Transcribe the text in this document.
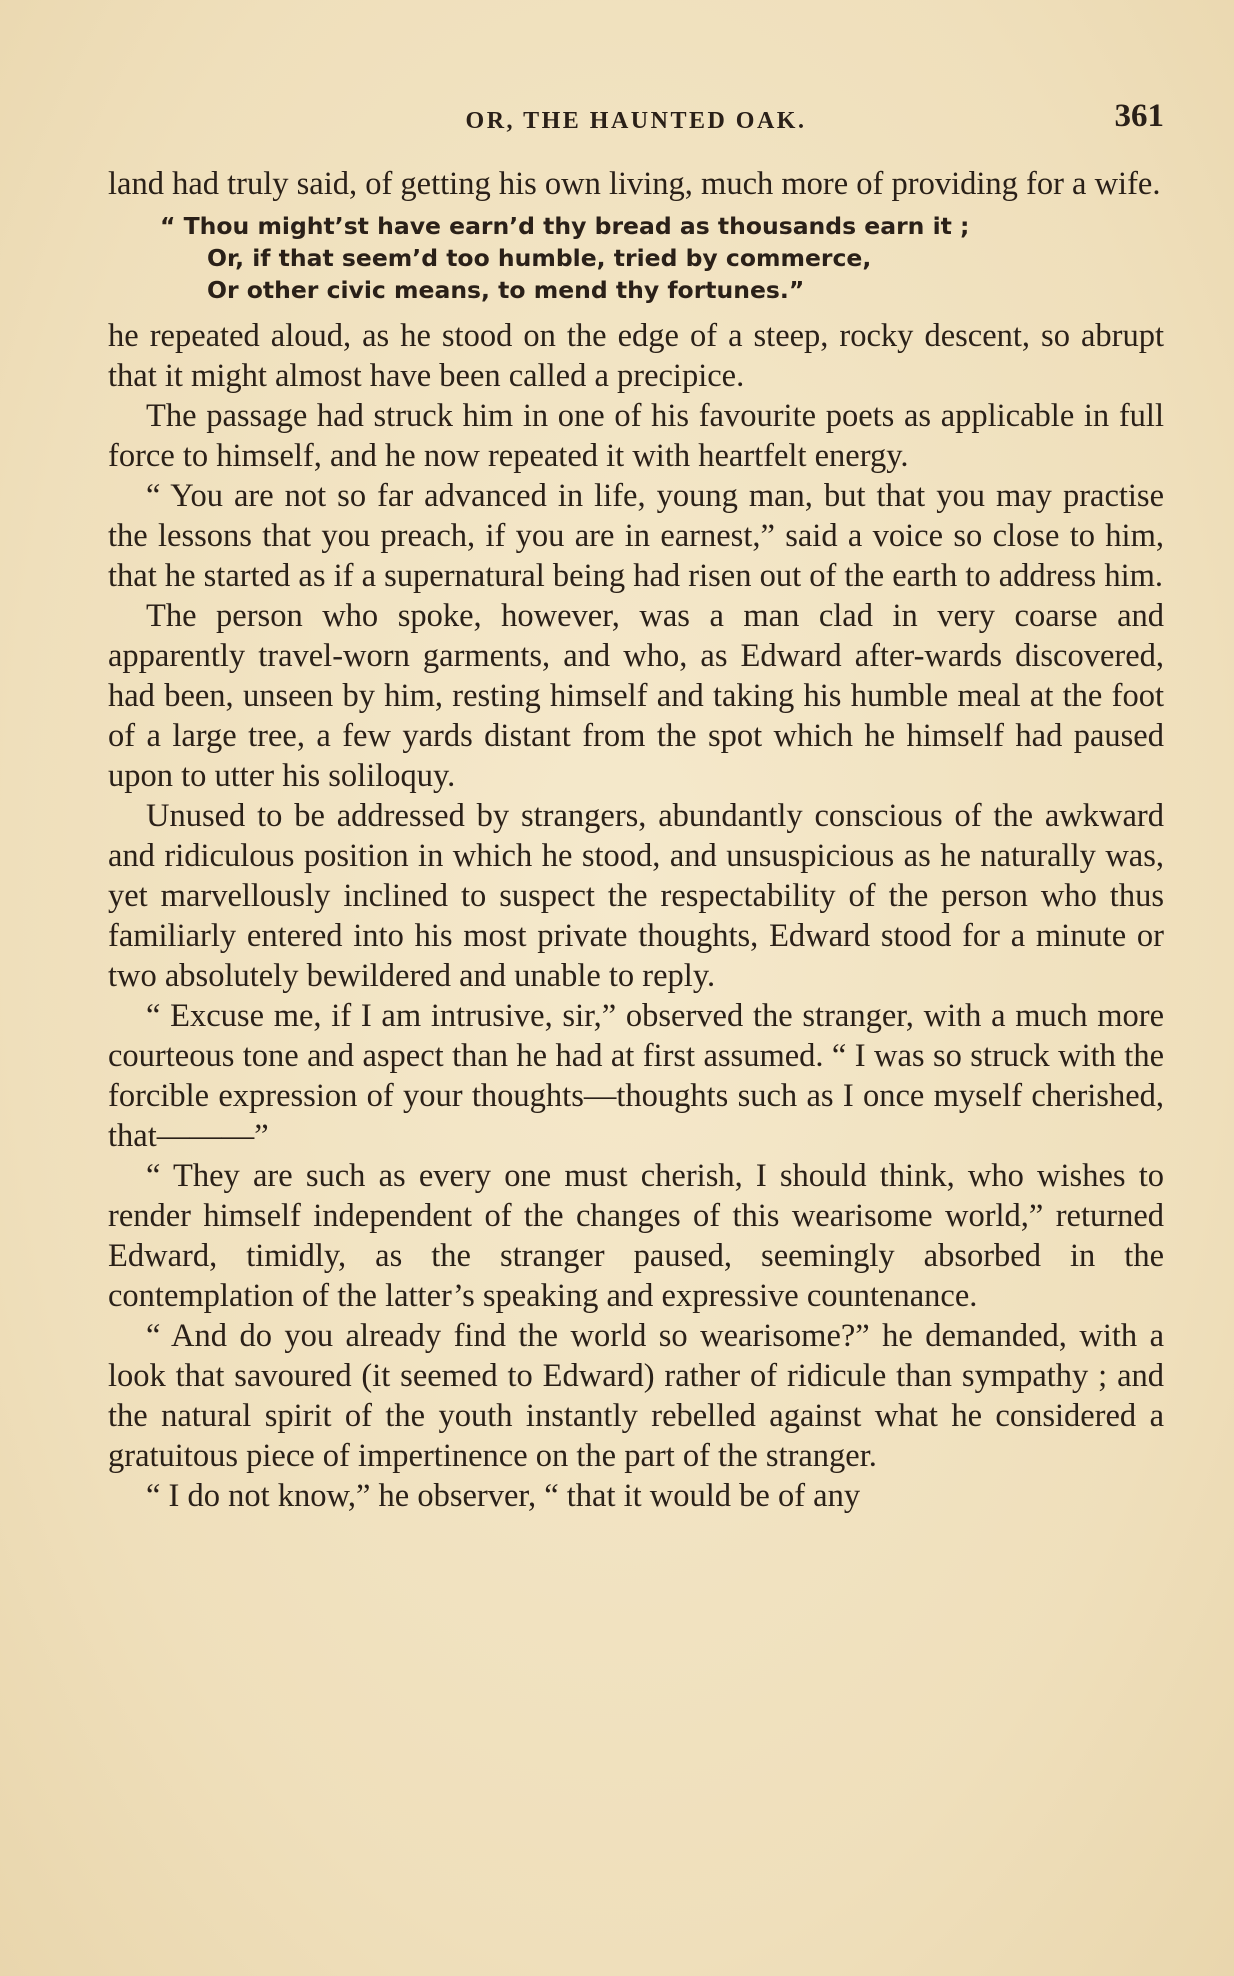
OR, THE HAUNTED OAK.	361

land had truly said, of getting his own living, much more of providing for a wife.

“ Thou might’st have earn’d thy bread as thousands earn it ;
Or, if that seem’d too humble, tried by commerce,
Or other civic means, to mend thy fortunes.”

he repeated aloud, as he stood on the edge of a steep, rocky descent, so abrupt that it might almost have been called a precipice.

The passage had struck him in one of his favourite poets as applicable in full force to himself, and he now repeated it with heartfelt energy.

“ You are not so far advanced in life, young man, but that you may practise the lessons that you preach, if you are in earnest,” said a voice so close to him, that he started as if a supernatural being had risen out of the earth to address him.

The person who spoke, however, was a man clad in very coarse and apparently travel-worn garments, and who, as Edward after-wards discovered, had been, unseen by him, resting himself and taking his humble meal at the foot of a large tree, a few yards distant from the spot which he himself had paused upon to utter his soliloquy.

Unused to be addressed by strangers, abundantly conscious of the awkward and ridiculous position in which he stood, and unsuspicious as he naturally was, yet marvellously inclined to suspect the respectability of the person who thus familiarly entered into his most private thoughts, Edward stood for a minute or two absolutely bewildered and unable to reply.

“ Excuse me, if I am intrusive, sir,” observed the stranger, with a much more courteous tone and aspect than he had at first assumed. “ I was so struck with the forcible expression of your thoughts—thoughts such as I once myself cherished, that———”

“ They are such as every one must cherish, I should think, who wishes to render himself independent of the changes of this wearisome world,” returned Edward, timidly, as the stranger paused, seemingly absorbed in the contemplation of the latter’s speaking and expressive countenance.

“ And do you already find the world so wearisome?” he demanded, with a look that savoured (it seemed to Edward) rather of ridicule than sympathy ; and the natural spirit of the youth instantly rebelled against what he considered a gratuitous piece of impertinence on the part of the stranger.

“ I do not know,” he observer, “ that it would be of any
